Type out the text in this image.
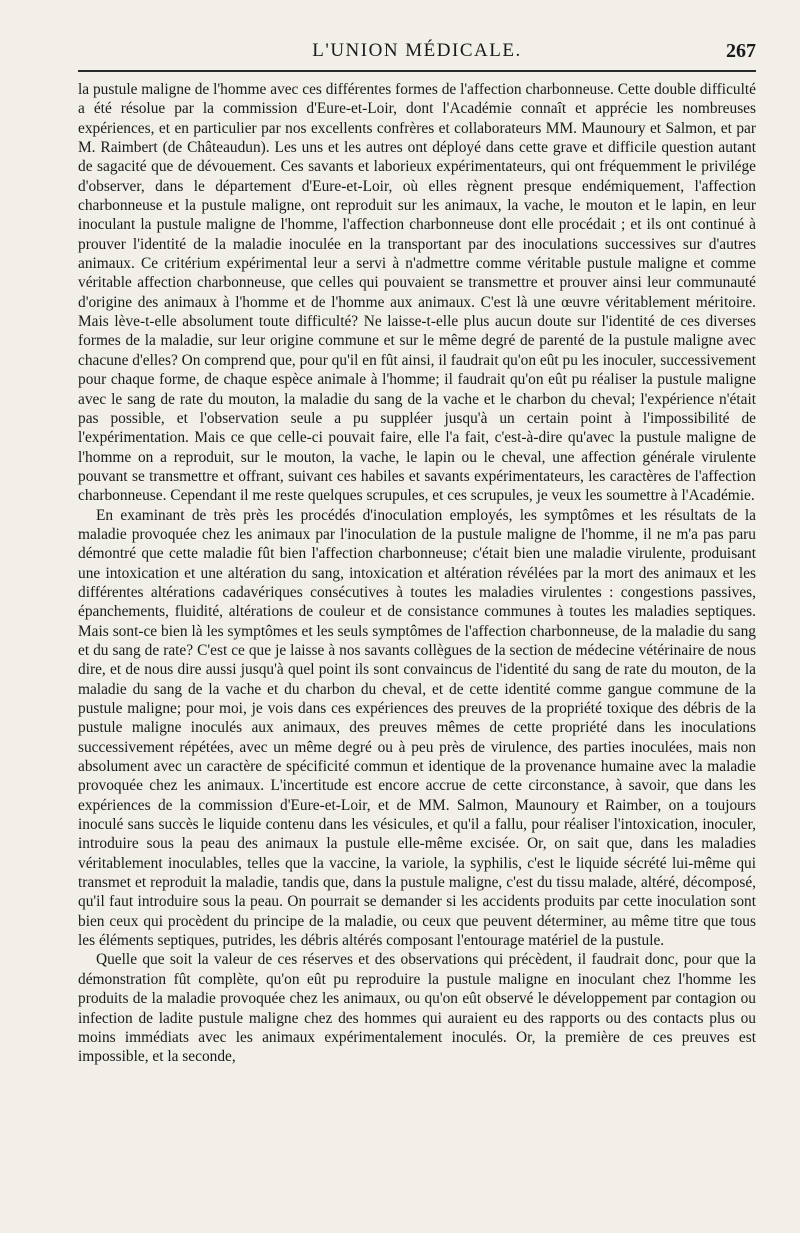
L'UNION MÉDICALE.	267

la pustule maligne de l'homme avec ces différentes formes de l'affection charbonneuse. Cette double difficulté a été résolue par la commission d'Eure-et-Loir, dont l'Académie connaît et apprécie les nombreuses expériences, et en particulier par nos excellents confrères et collaborateurs MM. Maunoury et Salmon, et par M. Raimbert (de Châteaudun). Les uns et les autres ont déployé dans cette grave et difficile question autant de sagacité que de dévouement. Ces savants et laborieux expérimentateurs, qui ont fréquemment le privilége d'observer, dans le département d'Eure-et-Loir, où elles règnent presque endémiquement, l'affection charbonneuse et la pustule maligne, ont reproduit sur les animaux, la vache, le mouton et le lapin, en leur inoculant la pustule maligne de l'homme, l'affection charbonneuse dont elle procédait ; et ils ont continué à prouver l'identité de la maladie inoculée en la transportant par des inoculations successives sur d'autres animaux. Ce critérium expérimental leur a servi à n'admettre comme véritable pustule maligne et comme véritable affection charbonneuse, que celles qui pouvaient se transmettre et prouver ainsi leur communauté d'origine des animaux à l'homme et de l'homme aux animaux. C'est là une œuvre véritablement méritoire. Mais lève-t-elle absolument toute difficulté? Ne laisse-t-elle plus aucun doute sur l'identité de ces diverses formes de la maladie, sur leur origine commune et sur le même degré de parenté de la pustule maligne avec chacune d'elles? On comprend que, pour qu'il en fût ainsi, il faudrait qu'on eût pu les inoculer, successivement pour chaque forme, de chaque espèce animale à l'homme; il faudrait qu'on eût pu réaliser la pustule maligne avec le sang de rate du mouton, la maladie du sang de la vache et le charbon du cheval; l'expérience n'était pas possible, et l'observation seule a pu suppléer jusqu'à un certain point à l'impossibilité de l'expérimentation. Mais ce que celle-ci pouvait faire, elle l'a fait, c'est-à-dire qu'avec la pustule maligne de l'homme on a reproduit, sur le mouton, la vache, le lapin ou le cheval, une affection générale virulente pouvant se transmettre et offrant, suivant ces habiles et savants expérimentateurs, les caractères de l'affection charbonneuse. Cependant il me reste quelques scrupules, et ces scrupules, je veux les soumettre à l'Académie.

En examinant de très près les procédés d'inoculation employés, les symptômes et les résultats de la maladie provoquée chez les animaux par l'inoculation de la pustule maligne de l'homme, il ne m'a pas paru démontré que cette maladie fût bien l'affection charbonneuse; c'était bien une maladie virulente, produisant une intoxication et une altération du sang, intoxication et altération révélées par la mort des animaux et les différentes altérations cadavériques consécutives à toutes les maladies virulentes : congestions passives, épanchements, fluidité, altérations de couleur et de consistance communes à toutes les maladies septiques. Mais sont-ce bien là les symptômes et les seuls symptômes de l'affection charbonneuse, de la maladie du sang et du sang de rate? C'est ce que je laisse à nos savants collègues de la section de médecine vétérinaire de nous dire, et de nous dire aussi jusqu'à quel point ils sont convaincus de l'identité du sang de rate du mouton, de la maladie du sang de la vache et du charbon du cheval, et de cette identité comme gangue commune de la pustule maligne; pour moi, je vois dans ces expériences des preuves de la propriété toxique des débris de la pustule maligne inoculés aux animaux, des preuves mêmes de cette propriété dans les inoculations successivement répétées, avec un même degré ou à peu près de virulence, des parties inoculées, mais non absolument avec un caractère de spécificité commun et identique de la provenance humaine avec la maladie provoquée chez les animaux. L'incertitude est encore accrue de cette circonstance, à savoir, que dans les expériences de la commission d'Eure-et-Loir, et de MM. Salmon, Maunoury et Raimber, on a toujours inoculé sans succès le liquide contenu dans les vésicules, et qu'il a fallu, pour réaliser l'intoxication, inoculer, introduire sous la peau des animaux la pustule elle-même excisée. Or, on sait que, dans les maladies véritablement inoculables, telles que la vaccine, la variole, la syphilis, c'est le liquide sécrété lui-même qui transmet et reproduit la maladie, tandis que, dans la pustule maligne, c'est du tissu malade, altéré, décomposé, qu'il faut introduire sous la peau. On pourrait se demander si les accidents produits par cette inoculation sont bien ceux qui procèdent du principe de la maladie, ou ceux que peuvent déterminer, au même titre que tous les éléments septiques, putrides, les débris altérés composant l'entourage matériel de la pustule.

Quelle que soit la valeur de ces réserves et des observations qui précèdent, il faudrait donc, pour que la démonstration fût complète, qu'on eût pu reproduire la pustule maligne en inoculant chez l'homme les produits de la maladie provoquée chez les animaux, ou qu'on eût observé le développement par contagion ou infection de ladite pustule maligne chez des hommes qui auraient eu des rapports ou des contacts plus ou moins immédiats avec les animaux expérimentalement inoculés. Or, la première de ces preuves est impossible, et la seconde,
